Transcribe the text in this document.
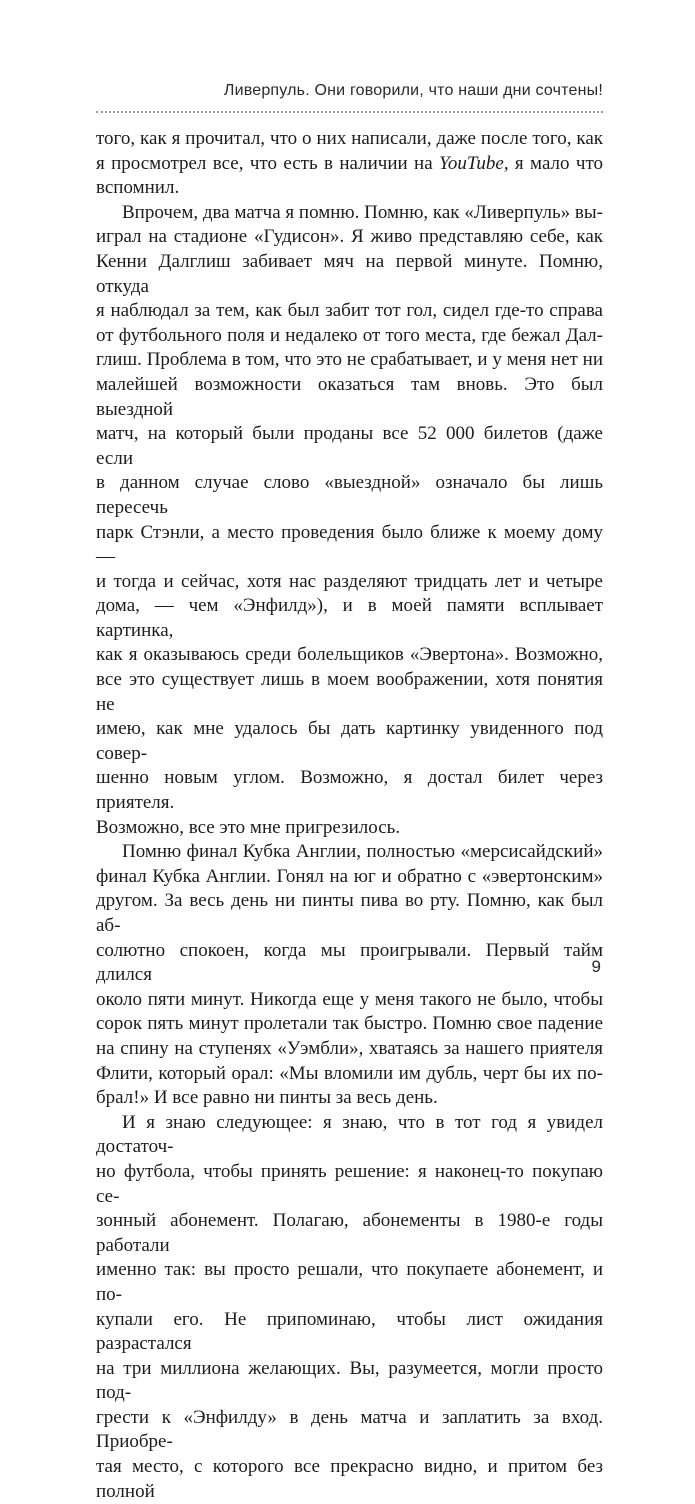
Ливерпуль. Они говорили, что наши дни сочтены!

того, как я прочитал, что о них написали, даже после того, как

я просмотрел все, что есть в наличии на YouTube, я мало что

вспомнил.

Впрочем, два матча я помню. Помню, как «Ливерпуль» вы-

играл на стадионе «Гудисон». Я живо представляю себе, как

Кенни Далглиш забивает мяч на первой минуте. Помню, откуда

я наблюдал за тем, как был забит тот гол, сидел где-то справа

от футбольного поля и недалеко от того места, где бежал Дал-

глиш. Проблема в том, что это не срабатывает, и у меня нет ни

малейшей возможности оказаться там вновь. Это был выездной

матч, на который были проданы все 52 000 билетов (даже если

в данном случае слово «выездной» означало бы лишь пересечь

парк Стэнли, а место проведения было ближе к моему дому —

и тогда и сейчас, хотя нас разделяют тридцать лет и четыре

дома, — чем «Энфилд»), и в моей памяти всплывает картинка,

как я оказываюсь среди болельщиков «Эвертона». Возможно,

все это существует лишь в моем воображении, хотя понятия не

имею, как мне удалось бы дать картинку увиденного под совер-

шенно новым углом. Возможно, я достал билет через приятеля.

Возможно, все это мне пригрезилось.

Помню финал Кубка Англии, полностью «мерсисайдский»

финал Кубка Англии. Гонял на юг и обратно с «эвертонским»

другом. За весь день ни пинты пива во рту. Помню, как был аб-

солютно спокоен, когда мы проигрывали. Первый тайм длился

около пяти минут. Никогда еще у меня такого не было, чтобы

сорок пять минут пролетали так быстро. Помню свое падение

на спину на ступенях «Уэмбли», хватаясь за нашего приятеля

Флити, который орал: «Мы вломили им дубль, черт бы их по-

брал!» И все равно ни пинты за весь день.

И я знаю следующее: я знаю, что в тот год я увидел достаточ-

но футбола, чтобы принять решение: я наконец-то покупаю се-

зонный абонемент. Полагаю, абонементы в 1980-е годы работали

именно так: вы просто решали, что покупаете абонемент, и по-

купали его. Не припоминаю, чтобы лист ожидания разрастался

на три миллиона желающих. Вы, разумеется, могли просто под-

грести к «Энфилду» в день матча и заплатить за вход. Приобре-

тая место, с которого все прекрасно видно, и притом без полной

9
